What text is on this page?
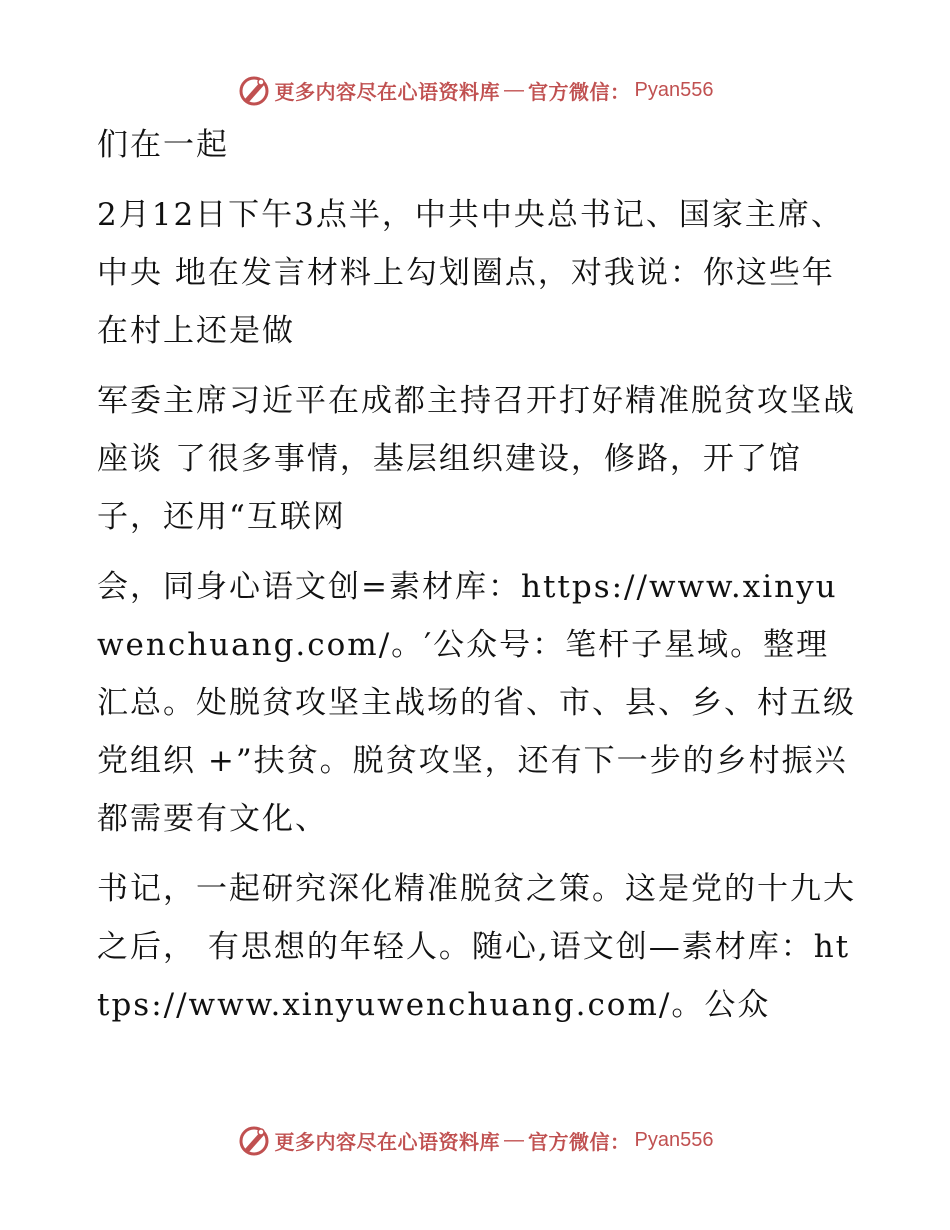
更多内容尽在心语资料库 — 官方微信： Pyan556

们在一起

2月12日下午3点半，中共中央总书记、国家主席、中央 地在发言材料上勾划圈点，对我说：你这些年在村上还是做

军委主席习近平在成都主持召开打好精准脱贫攻坚战座谈 了很多事情，基层组织建设，修路，开了馆子，还用“互联网

会，同身心语文创=素材库：https://www.xinyuwenchuang.com/。′公众号：笔杆子星域。整理汇总。处脱贫攻坚主战场的省、市、县、乡、村五级党组织 +”扶贫。脱贫攻坚，还有下一步的乡村振兴都需要有文化、

书记，一起研究深化精准脱贫之策。这是党的十九大之后， 有思想的年轻人。随心,语文创—素材库：https://www.xinyuwenchuang.com/。公众

更多内容尽在心语资料库 — 官方微信： Pyan556
